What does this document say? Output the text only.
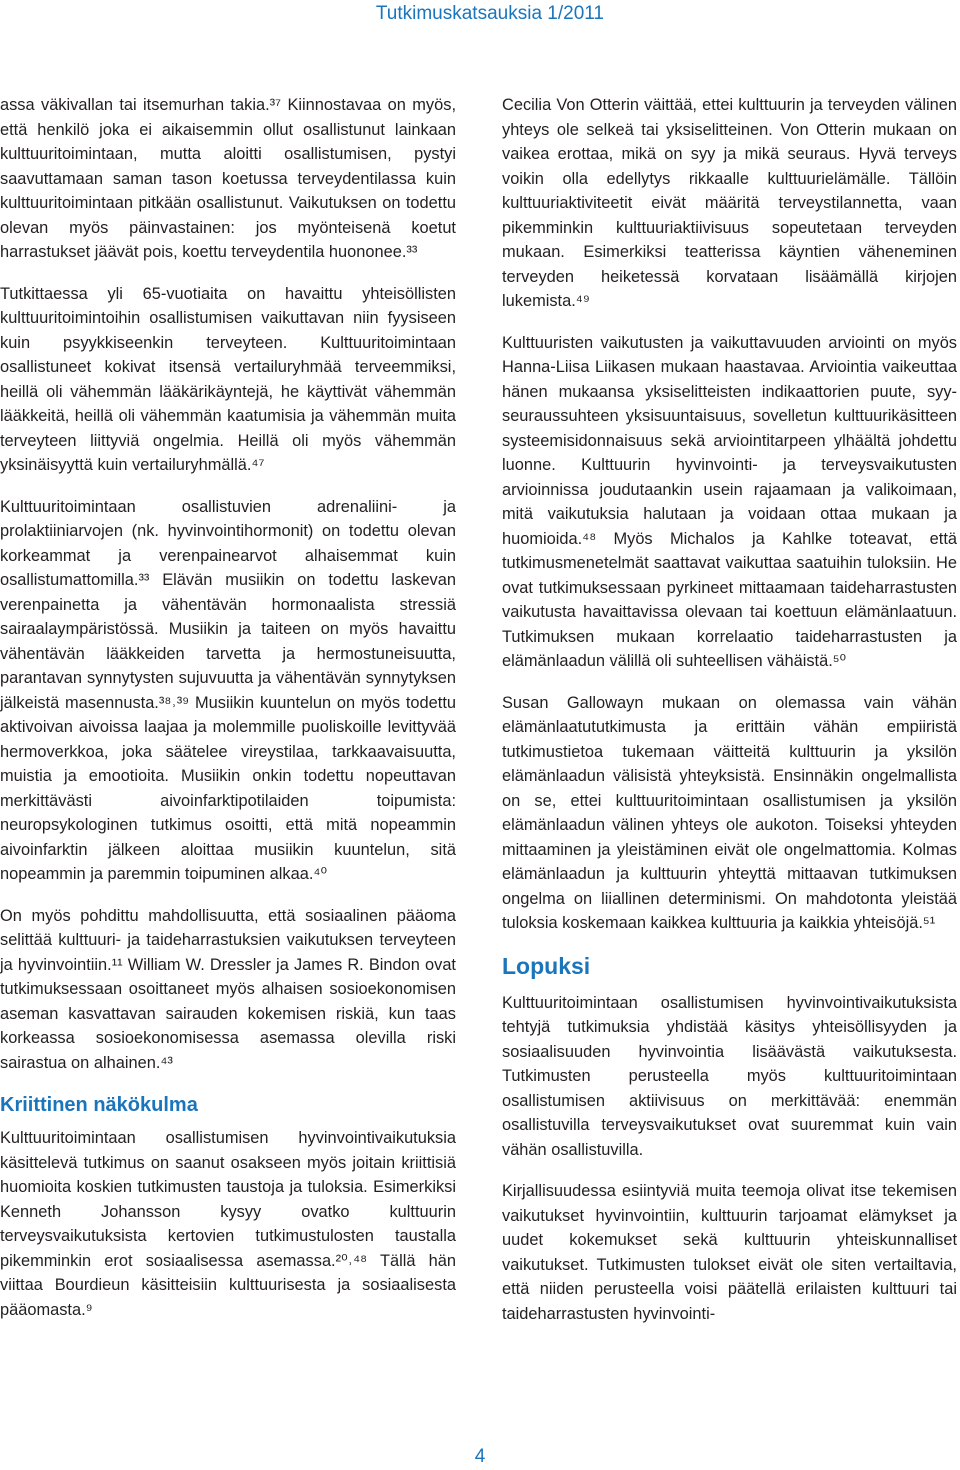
Tutkimuskatsauksia 1/2011

assa väkivallan tai itsemurhan takia.³⁷ Kiinnostavaa on myös, että henkilö joka ei aikaisemmin ollut osallistunut lainkaan kulttuuritoimintaan, mutta aloitti osallistumisen, pystyi saavuttamaan saman tason koetussa terveydentilassa kuin kulttuuritoimintaan pitkään osallistunut. Vaikutuksen on todettu olevan myös päinvastainen: jos myönteisenä koetut harrastukset jäävät pois, koettu terveydentila huononee.³³

Tutkittaessa yli 65-vuotiaita on havaittu yhteisöllisten kulttuuritoimintoihin osallistumisen vaikuttavan niin fyysiseen kuin psyykkiseenkin terveyteen. Kulttuuritoimintaan osallistuneet kokivat itsensä vertailuryhmää terveemmiksi, heillä oli vähemmän lääkärikäyntejä, he käyttivät vähemmän lääkkeitä, heillä oli vähemmän kaatumisia ja vähemmän muita terveyteen liittyviä ongelmia. Heillä oli myös vähemmän yksinäisyyttä kuin vertailuryhmällä.⁴⁷

Kulttuuritoimintaan osallistuvien adrenaliini- ja prolaktiiniarvojen (nk. hyvinvointihormonit) on todettu olevan korkeammat ja verenpainearvot alhaisemmat kuin osallistumattomilla.³³ Elävän musiikin on todettu laskevan verenpainetta ja vähentävän hormonaalista stressiä sairaalaympäristössä. Musiikin ja taiteen on myös havaittu vähentävän lääkkeiden tarvetta ja hermostuneisuutta, parantavan synnytysten sujuvuutta ja vähentävän synnytyksen jälkeistä masennusta.³⁸˒³⁹ Musiikin kuuntelun on myös todettu aktivoivan aivoissa laajaa ja molemmille puoliskoille levittyvää hermoverkkoa, joka säätelee vireystilaa, tarkkaavaisuutta, muistia ja emootioita. Musiikin onkin todettu nopeuttavan merkittävästi aivoinfarktipotilaiden toipumista: neuropsykologinen tutkimus osoitti, että mitä nopeammin aivoinfarktin jälkeen aloittaa musiikin kuuntelun, sitä nopeammin ja paremmin toipuminen alkaa.⁴⁰

On myös pohdittu mahdollisuutta, että sosiaalinen pääoma selittää kulttuuri- ja taideharrastuksien vaikutuksen terveyteen ja hyvinvointiin.¹¹ William W. Dressler ja James R. Bindon ovat tutkimuksessaan osoittaneet myös alhaisen sosioekonomisen aseman kasvattavan sairauden kokemisen riskiä, kun taas korkeassa sosioekonomisessa asemassa olevilla riski sairastua on alhainen.⁴³

Kriittinen näkökulma

Kulttuuritoimintaan osallistumisen hyvinvointivaikutuksia käsittelevä tutkimus on saanut osakseen myös joitain kriittisiä huomioita koskien tutkimusten taustoja ja tuloksia. Esimerkiksi Kenneth Johansson kysyy ovatko kulttuurin terveysvaikutuksista kertovien tutkimustulosten taustalla pikemminkin erot sosiaalisessa asemassa.²⁰˒⁴⁸ Tällä hän viittaa Bourdieun käsitteisiin kulttuurisesta ja sosiaalisesta pääomasta.⁹

Cecilia Von Otterin väittää, ettei kulttuurin ja terveyden välinen yhteys ole selkeä tai yksiselitteinen. Von Otterin mukaan on vaikea erottaa, mikä on syy ja mikä seuraus. Hyvä terveys voikin olla edellytys rikkaalle kulttuurielämälle. Tällöin kulttuuriaktiviteetit eivät määritä terveystilannetta, vaan pikemminkin kulttuuriaktiivisuus sopeutetaan terveyden mukaan. Esimerkiksi teatterissa käyntien väheneminen terveyden heiketessä korvataan lisäämällä kirjojen lukemista.⁴⁹

Kulttuuristen vaikutusten ja vaikuttavuuden arviointi on myös Hanna-Liisa Liikasen mukaan haastavaa. Arviointia vaikeuttaa hänen mukaansa yksiselitteisten indikaattorien puute, syy-seuraussuhteen yksisuuntaisuus, sovelletun kulttuurikäsitteen systeemisidonnaisuus sekä arviointitarpeen ylhäältä johdettu luonne. Kulttuurin hyvinvointi- ja terveysvaikutusten arvioinnissa joudutaankin usein rajaamaan ja valikoimaan, mitä vaikutuksia halutaan ja voidaan ottaa mukaan ja huomioida.⁴⁸ Myös Michalos ja Kahlke toteavat, että tutkimusmenetelmät saattavat vaikuttaa saatuihin tuloksiin. He ovat tutkimuksessaan pyrkineet mittaamaan taideharrastusten vaikutusta havaittavissa olevaan tai koettuun elämänlaatuun. Tutkimuksen mukaan korrelaatio taideharrastusten ja elämänlaadun välillä oli suhteellisen vähäistä.⁵⁰

Susan Gallowayn mukaan on olemassa vain vähän elämänlaatututkimusta ja erittäin vähän empiiristä tutkimustietoa tukemaan väitteitä kulttuurin ja yksilön elämänlaadun välisistä yhteyksistä. Ensinnäkin ongelmallista on se, ettei kulttuuritoimintaan osallistumisen ja yksilön elämänlaadun välinen yhteys ole aukoton. Toiseksi yhteyden mittaaminen ja yleistäminen eivät ole ongelmattomia. Kolmas elämänlaadun ja kulttuurin yhteyttä mittaavan tutkimuksen ongelma on liiallinen determinismi. On mahdotonta yleistää tuloksia koskemaan kaikkea kulttuuria ja kaikkia yhteisöjä.⁵¹

Lopuksi

Kulttuuritoimintaan osallistumisen hyvinvointivaikutuksista tehtyjä tutkimuksia yhdistää käsitys yhteisöllisyyden ja sosiaalisuuden hyvinvointia lisäävästä vaikutuksesta. Tutkimusten perusteella myös kulttuuritoimintaan osallistumisen aktiivisuus on merkittävää: enemmän osallistuvilla terveysvaikutukset ovat suuremmat kuin vain vähän osallistuvilla.

Kirjallisuudessa esiintyviä muita teemoja olivat itse tekemisen vaikutukset hyvinvointiin, kulttuurin tarjoamat elämykset ja uudet kokemukset sekä kulttuurin yhteiskunnalliset vaikutukset. Tutkimusten tulokset eivät ole siten vertailtavia, että niiden perusteella voisi päätellä erilaisten kulttuuri tai taideharrastusten hyvinvointi-

4
